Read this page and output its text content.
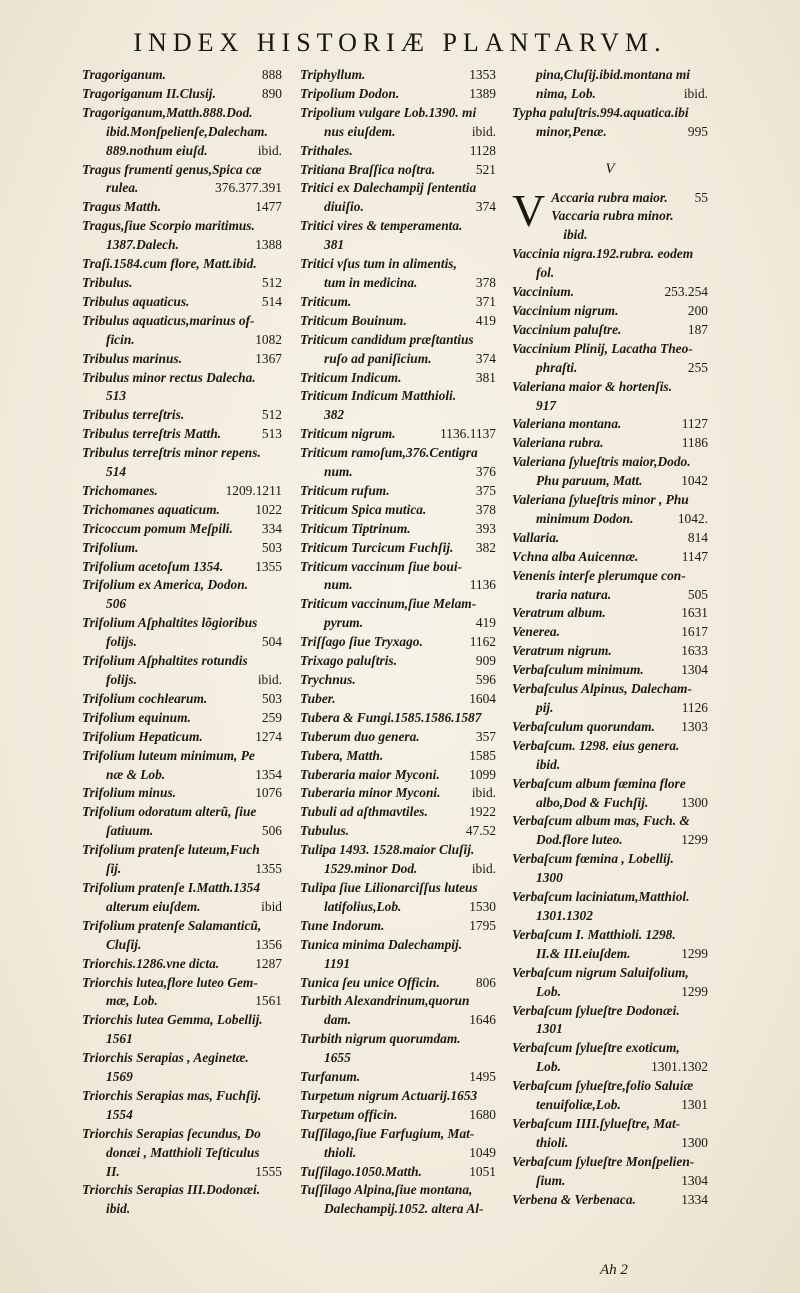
INDEX HISTORIÆ PLANTARVM.
888
Tragoriganum.
890
Tragoriganum II.Clusij.
Tragoriganum,Matth.888.Dod.
ibid.Monſpelienſe,Dalecham.
ibid.
889.nothum eiuſd.
Tragus frumenti genus,Spica cæ
376.377.391
rulea.
1477
Tragus Matth.
Tragus,ſiue Scorpio maritimus.
1388
1387.Dalech.
Traſi.1584.cum flore, Matt.ibid.
512
Tribulus.
514
Tribulus aquaticus.
Tribulus aquaticus,marinus of-
1082
ficin.
1367
Tribulus marinus.
Tribulus minor rectus Dalecha.
513
512
Tribulus terreſtris.
513
Tribulus terreſtris Matth.
Tribulus terreſtris minor repens.
514
1209.1211
Trichomanes.
1022
Trichomanes aquaticum.
334
Tricoccum pomum Meſpili.
503
Trifolium.
1355
Trifolium acetoſum 1354.
Trifolium ex America, Dodon.
506
Trifolium Aſphaltites lõgioribus
504
folijs.
Trifolium Aſphaltites rotundis
ibid.
folijs.
503
Trifolium cochlearum.
259
Trifolium equinum.
1274
Trifolium Hepaticum.
Trifolium luteum minimum, Pe
1354
næ & Lob.
1076
Trifolium minus.
Trifolium odoratum alterũ, ſiue
506
ſatiuum.
Trifolium pratenſe luteum,Fuch
1355
ſij.
Trifolium pratenſe I.Matth.1354
ibid
alterum eiuſdem.
Trifolium pratenſe Salamanticũ,
1356
Cluſij.
1287
Triorchis.1286.vne dicta.
Triorchis lutea,flore luteo Gem-
1561
mæ, Lob.
Triorchis lutea Gemma, Lobellij.
1561
Triorchis Serapias , Aeginetæ.
1569
Triorchis Serapias mas, Fuchſij.
1554
Triorchis Serapias ſecundus, Do
donæi , Matthioli Teſticulus
1555
II.
Triorchis Serapias III.Dodonæi.
ibid.
1353
Triphyllum.
1389
Tripolium Dodon.
Tripolium vulgare Lob.1390. mi
ibid.
nus eiuſdem.
1128
Trithales.
521
Tritiana Braſſica noſtra.
Tritici ex Dalechampij ſententia
374
diuiſio.
Tritici vires & temperamenta.
381
Tritici vſus tum in alimentis,
378
tum in medicina.
371
Triticum.
419
Triticum Bouinum.
Triticum candidum præſtantius
374
ruſo ad paniſicium.
381
Triticum Indicum.
Triticum Indicum Matthioli.
382
1136.1137
Triticum nigrum.
Triticum ramoſum,376.Centigra
376
num.
375
Triticum rufum.
378
Triticum Spica mutica.
393
Triticum Tiptrinum.
382
Triticum Turcicum Fuchſij.
Triticum vaccinum ſiue boui-
1136
num.
Triticum vaccinum,ſiue Melam-
419
pyrum.
1162
Triſſago ſiue Tryxago.
909
Trixago paluſtris.
596
Trychnus.
1604
Tuber.
Tubera & Fungi.1585.1586.1587
357
Tuberum duo genera.
1585
Tubera, Matth.
1099
Tuberaria maior Myconi.
ibid.
Tuberaria minor Myconi.
1922
Tubuli ad aſthmavtiles.
47.52
Tubulus.
Tulipa 1493. 1528.maior Cluſij.
ibid.
1529.minor Dod.
Tulipa ſiue Lilionarciſſus luteus
1530
latifolius,Lob.
1795
Tune Indorum.
Tunica minima Dalechampij.
1191
806
Tunica ſeu unice Officin.
Turbith Alexandrinum,quorun
1646
dam.
Turbith nigrum quorumdam.
1655
1495
Turfanum.
Turpetum nigrum Actuarij.1653
1680
Turpetum officin.
Tuſſilago,ſiue Farfugium, Mat-
1049
thioli.
1051
Tuſſilago.1050.Matth.
Tuſſilago Alpina,ſiue montana,
Dalechampij.1052. altera Al-
pina,Cluſij.ibid.montana mi
ibid.
nima, Lob.
Typha paluſtris.994.aquatica.ibi
995
minor,Penæ.
V
V	55
Accaria rubra maior.
Vaccaria rubra minor.
ibid.
Vaccinia nigra.192.rubra. eodem
fol.
253.254
Vaccinium.
200
Vaccinium nigrum.
187
Vaccinium paluſtre.
Vaccinium Plinij, Lacatha Theo-
255
phraſti.
Valeriana maior & hortenſis.
917
1127
Valeriana montana.
1186
Valeriana rubra.
Valeriana ſylueſtris maior,Dodo.
1042
Phu paruum, Matt.
Valeriana ſylueſtris minor , Phu
1042.
minimum Dodon.
814
Vallaria.
1147
Vchna alba Auicennæ.
Venenis interſe plerumque con-
505
traria natura.
1631
Veratrum album.
1617
Venerea.
1633
Veratrum nigrum.
1304
Verbaſculum minimum.
Verbaſculus Alpinus, Dalecham-
1126
pij.
1303
Verbaſculum quorundam.
Verbaſcum. 1298. eius genera.
ibid.
Verbaſcum album fœmina flore
1300
albo,Dod & Fuchſij.
Verbaſcum album mas, Fuch. &
1299
Dod.flore luteo.
Verbaſcum fœmina , Lobellij.
1300
Verbaſcum laciniatum,Matthiol.
1301.1302
Verbaſcum I. Matthioli. 1298.
1299
II.& III.eiuſdem.
Verbaſcum nigrum Saluifolium,
1299
Lob.
Verbaſcum ſylueſtre Dodonæi.
1301
Verbaſcum ſylueſtre exoticum,
1301.1302
Lob.
Verbaſcum ſylueſtre,folio Saluiæ
1301
tenuifoliæ,Lob.
Verbaſcum IIII.ſylueſtre, Mat-
1300
thioli.
Verbaſcum ſylueſtre Monſpelien-
1304
ſium.
1334
Verbena & Verbenaca.
Ah 2
